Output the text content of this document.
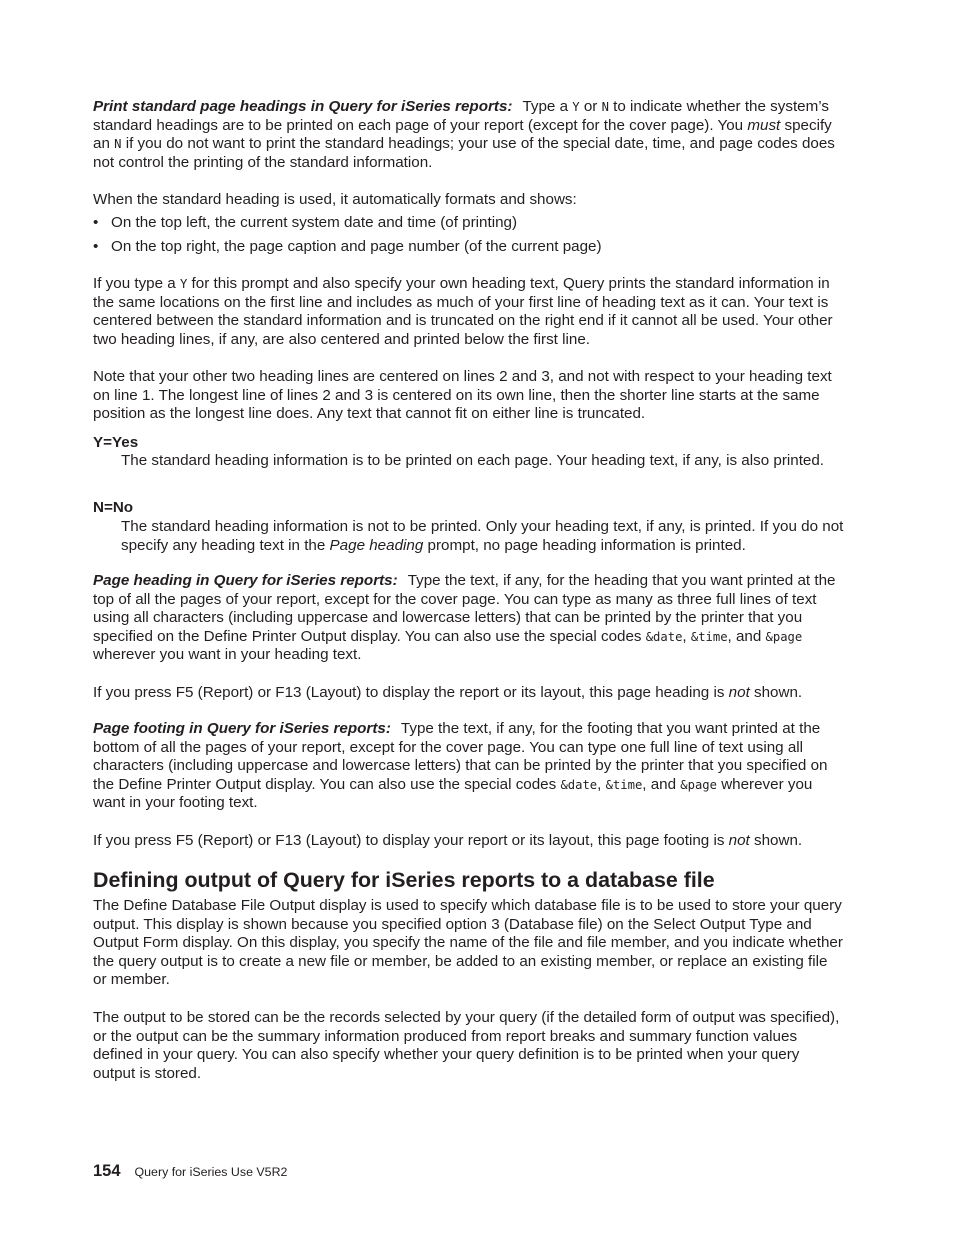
Print standard page headings in Query for iSeries reports: Type a Y or N to indicate whether the system’s standard headings are to be printed on each page of your report (except for the cover page). You must specify an N if you do not want to print the standard headings; your use of the special date, time, and page codes does not control the printing of the standard information.

When the standard heading is used, it automatically formats and shows:

• On the top left, the current system date and time (of printing)
• On the top right, the page caption and page number (of the current page)

If you type a Y for this prompt and also specify your own heading text, Query prints the standard information in the same locations on the first line and includes as much of your first line of heading text as it can. Your text is centered between the standard information and is truncated on the right end if it cannot all be used. Your other two heading lines, if any, are also centered and printed below the first line.

Note that your other two heading lines are centered on lines 2 and 3, and not with respect to your heading text on line 1. The longest line of lines 2 and 3 is centered on its own line, then the shorter line starts at the same position as the longest line does. Any text that cannot fit on either line is truncated.

Y=Yes

The standard heading information is to be printed on each page. Your heading text, if any, is also printed.

N=No

The standard heading information is not to be printed. Only your heading text, if any, is printed. If you do not specify any heading text in the Page heading prompt, no page heading information is printed.

Page heading in Query for iSeries reports: Type the text, if any, for the heading that you want printed at the top of all the pages of your report, except for the cover page. You can type as many as three full lines of text using all characters (including uppercase and lowercase letters) that can be printed by the printer that you specified on the Define Printer Output display. You can also use the special codes &date, &time, and &page wherever you want in your heading text.

If you press F5 (Report) or F13 (Layout) to display the report or its layout, this page heading is not shown.

Page footing in Query for iSeries reports: Type the text, if any, for the footing that you want printed at the bottom of all the pages of your report, except for the cover page. You can type one full line of text using all characters (including uppercase and lowercase letters) that can be printed by the printer that you specified on the Define Printer Output display. You can also use the special codes &date, &time, and &page wherever you want in your footing text.

If you press F5 (Report) or F13 (Layout) to display your report or its layout, this page footing is not shown.

Defining output of Query for iSeries reports to a database file

The Define Database File Output display is used to specify which database file is to be used to store your query output. This display is shown because you specified option 3 (Database file) on the Select Output Type and Output Form display. On this display, you specify the name of the file and file member, and you indicate whether the query output is to create a new file or member, be added to an existing member, or replace an existing file or member.

The output to be stored can be the records selected by your query (if the detailed form of output was specified), or the output can be the summary information produced from report breaks and summary function values defined in your query. You can also specify whether your query definition is to be printed when your query output is stored.

154 Query for iSeries Use V5R2
